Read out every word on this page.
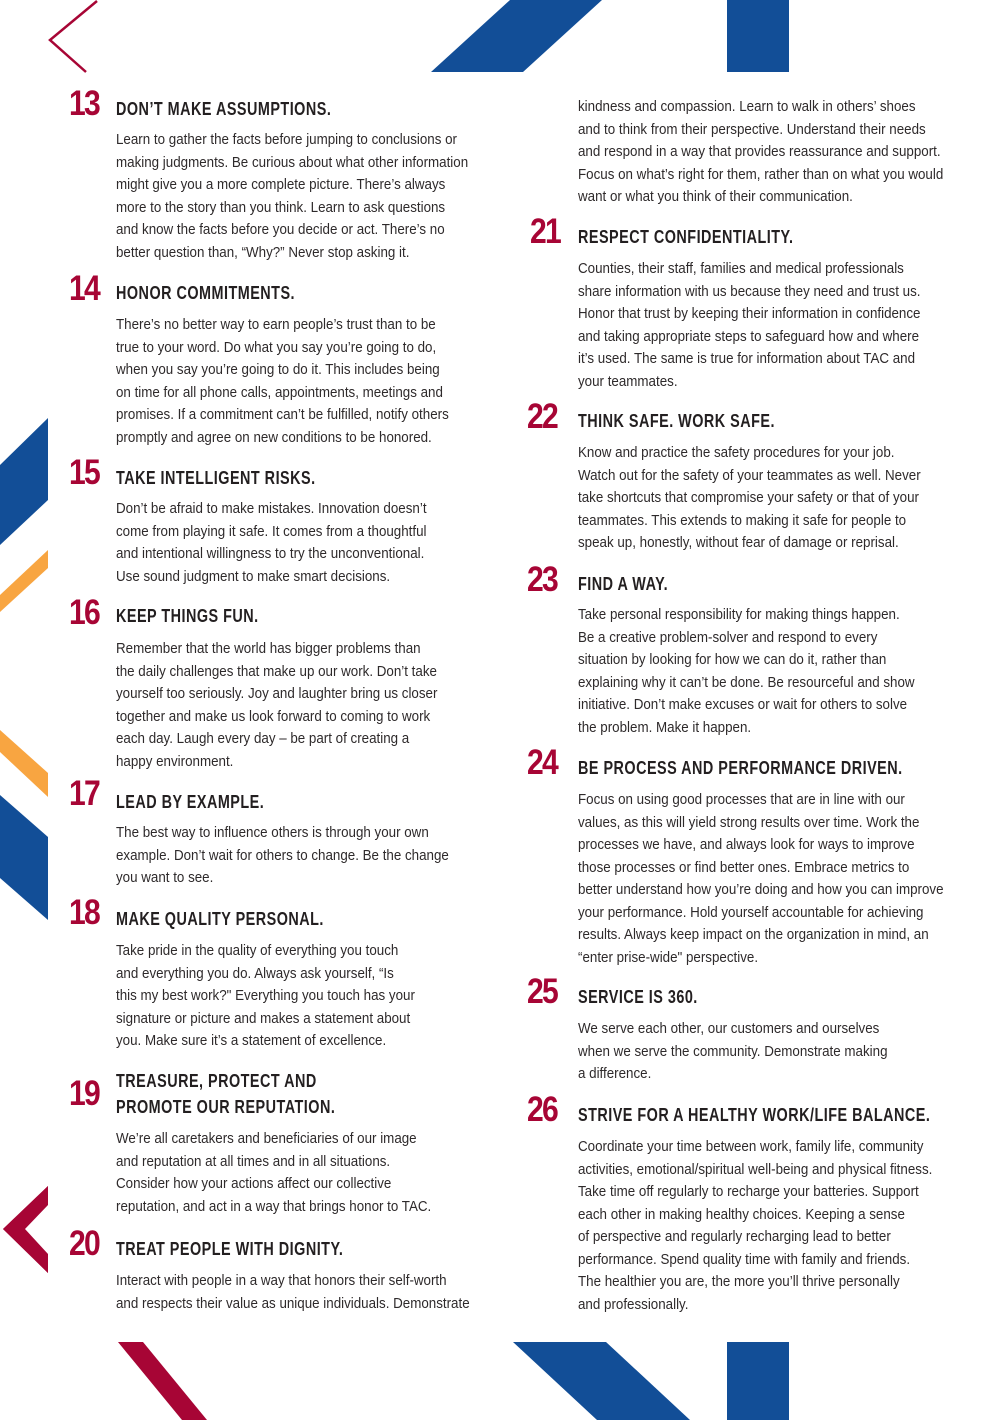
13 DON’T MAKE ASSUMPTIONS.
Learn to gather the facts before jumping to conclusions or
making judgments. Be curious about what other information
might give you a more complete picture. There’s always
more to the story than you think. Learn to ask questions
and know the facts before you decide or act. There’s no
better question than, “Why?” Never stop asking it.
14 HONOR COMMITMENTS.
There’s no better way to earn people’s trust than to be
true to your word. Do what you say you’re going to do,
when you say you’re going to do it. This includes being
on time for all phone calls, appointments, meetings and
promises. If a commitment can’t be fulfilled, notify others
promptly and agree on new conditions to be honored.
15 TAKE INTELLIGENT RISKS.
Don’t be afraid to make mistakes. Innovation doesn’t
come from playing it safe. It comes from a thoughtful
and intentional willingness to try the unconventional.
Use sound judgment to make smart decisions.
16 KEEP THINGS FUN.
Remember that the world has bigger problems than
the daily challenges that make up our work. Don’t take
yourself too seriously. Joy and laughter bring us closer
together and make us look forward to coming to work
each day. Laugh every day – be part of creating a
happy environment.
17 LEAD BY EXAMPLE.
The best way to influence others is through your own
example. Don’t wait for others to change. Be the change
you want to see.
18 MAKE QUALITY PERSONAL.
Take pride in the quality of everything you touch
and everything you do. Always ask yourself, “Is
this my best work?" Everything you touch has your
signature or picture and makes a statement about
you. Make sure it’s a statement of excellence.
19 TREASURE, PROTECT AND
PROMOTE OUR REPUTATION.
We’re all caretakers and beneficiaries of our image
and reputation at all times and in all situations.
Consider how your actions affect our collective
reputation, and act in a way that brings honor to TAC.
20 TREAT PEOPLE WITH DIGNITY.
Interact with people in a way that honors their self-worth
and respects their value as unique individuals. Demonstrate
kindness and compassion. Learn to walk in others’ shoes
and to think from their perspective. Understand their needs
and respond in a way that provides reassurance and support.
Focus on what’s right for them, rather than on what you would
want or what you think of their communication.
21 RESPECT CONFIDENTIALITY.
Counties, their staff, families and medical professionals
share information with us because they need and trust us.
Honor that trust by keeping their information in confidence
and taking appropriate steps to safeguard how and where
it’s used. The same is true for information about TAC and
your teammates.
22 THINK SAFE. WORK SAFE.
Know and practice the safety procedures for your job.
Watch out for the safety of your teammates as well. Never
take shortcuts that compromise your safety or that of your
teammates. This extends to making it safe for people to
speak up, honestly, without fear of damage or reprisal.
23 FIND A WAY.
Take personal responsibility for making things happen.
Be a creative problem-solver and respond to every
situation by looking for how we can do it, rather than
explaining why it can’t be done. Be resourceful and show
initiative. Don’t make excuses or wait for others to solve
the problem. Make it happen.
24 BE PROCESS AND PERFORMANCE DRIVEN.
Focus on using good processes that are in line with our
values, as this will yield strong results over time. Work the
processes we have, and always look for ways to improve
those processes or find better ones. Embrace metrics to
better understand how you’re doing and how you can improve
your performance. Hold yourself accountable for achieving
results. Always keep impact on the organization in mind, an
“enter prise-wide" perspective.
25 SERVICE IS 360.
We serve each other, our customers and ourselves
when we serve the community. Demonstrate making
a difference.
26 STRIVE FOR A HEALTHY WORK/LIFE BALANCE.
Coordinate your time between work, family life, community
activities, emotional/spiritual well-being and physical fitness.
Take time off regularly to recharge your batteries. Support
each other in making healthy choices. Keeping a sense
of perspective and regularly recharging lead to better
performance. Spend quality time with family and friends.
The healthier you are, the more you’ll thrive personally
and professionally.
